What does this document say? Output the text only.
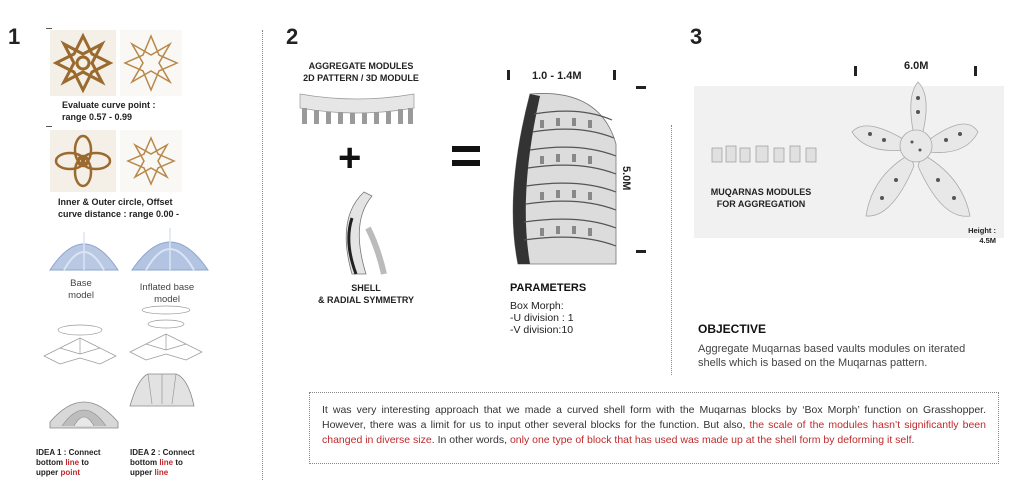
1	2	3
Evaluate curve point :
range 0.57 - 0.99
Inner & Outer circle, Offset
curve distance : range 0.00 -
Base
model
Inflated base
model
IDEA 1 : Connect
bottom line to
upper point
IDEA 2 : Connect
bottom line to
upper line
AGGREGATE MODULES
2D PATTERN / 3D MODULE
+
SHELL
& RADIAL SYMMETRY
1.0 - 1.4M
5.0M
PARAMETERS
Box Morph:
-U division : 1
-V division:10
6.0M
MUQARNAS MODULES
FOR AGGREGATION
Height :
4.5M
OBJECTIVE
Aggregate Muqarnas based vaults modules on iterated
shells which is based on the Muqarnas pattern.
It was very interesting approach that we made a curved shell form with the Muqarnas blocks by ‘Box Morph’ function on Grasshopper. However, there was a limit for us to input other several blocks for the function. But also, the scale of the modules hasn’t significantly been changed in diverse size. In other words, only one type of block that has used was made up at the shell form by deforming it self.
